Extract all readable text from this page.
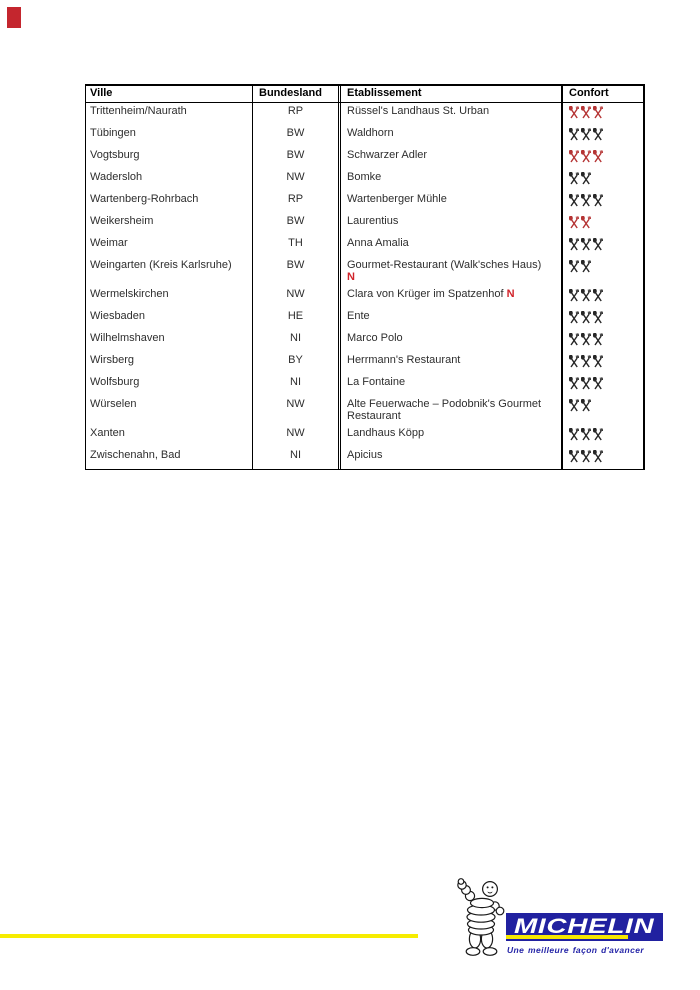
Ville	Bundesland	Etablissement	Confort
Trittenheim/Naurath	RP	Rüssel's Landhaus St. Urban
Tübingen	BW	Waldhorn
Vogtsburg	BW	Schwarzer Adler
Wadersloh	NW	Bomke
Wartenberg-Rohrbach	RP	Wartenberger Mühle
Weikersheim	BW	Laurentius
Weimar	TH	Anna Amalia
Weingarten (Kreis Karlsruhe)	BW	Gourmet-Restaurant (Walk'sches Haus)
N
Wermelskirchen	NW	Clara von Krüger im Spatzenhof N
Wiesbaden	HE	Ente
Wilhelmshaven	NI	Marco Polo
Wirsberg	BY	Herrmann's Restaurant
Wolfsburg	NI	La Fontaine
Würselen	NW	Alte Feuerwache – Podobnik's Gourmet Restaurant
Xanten	NW	Landhaus Köpp
Zwischenahn, Bad	NI	Apicius
MICHELIN
Une meilleure façon d'avancer
